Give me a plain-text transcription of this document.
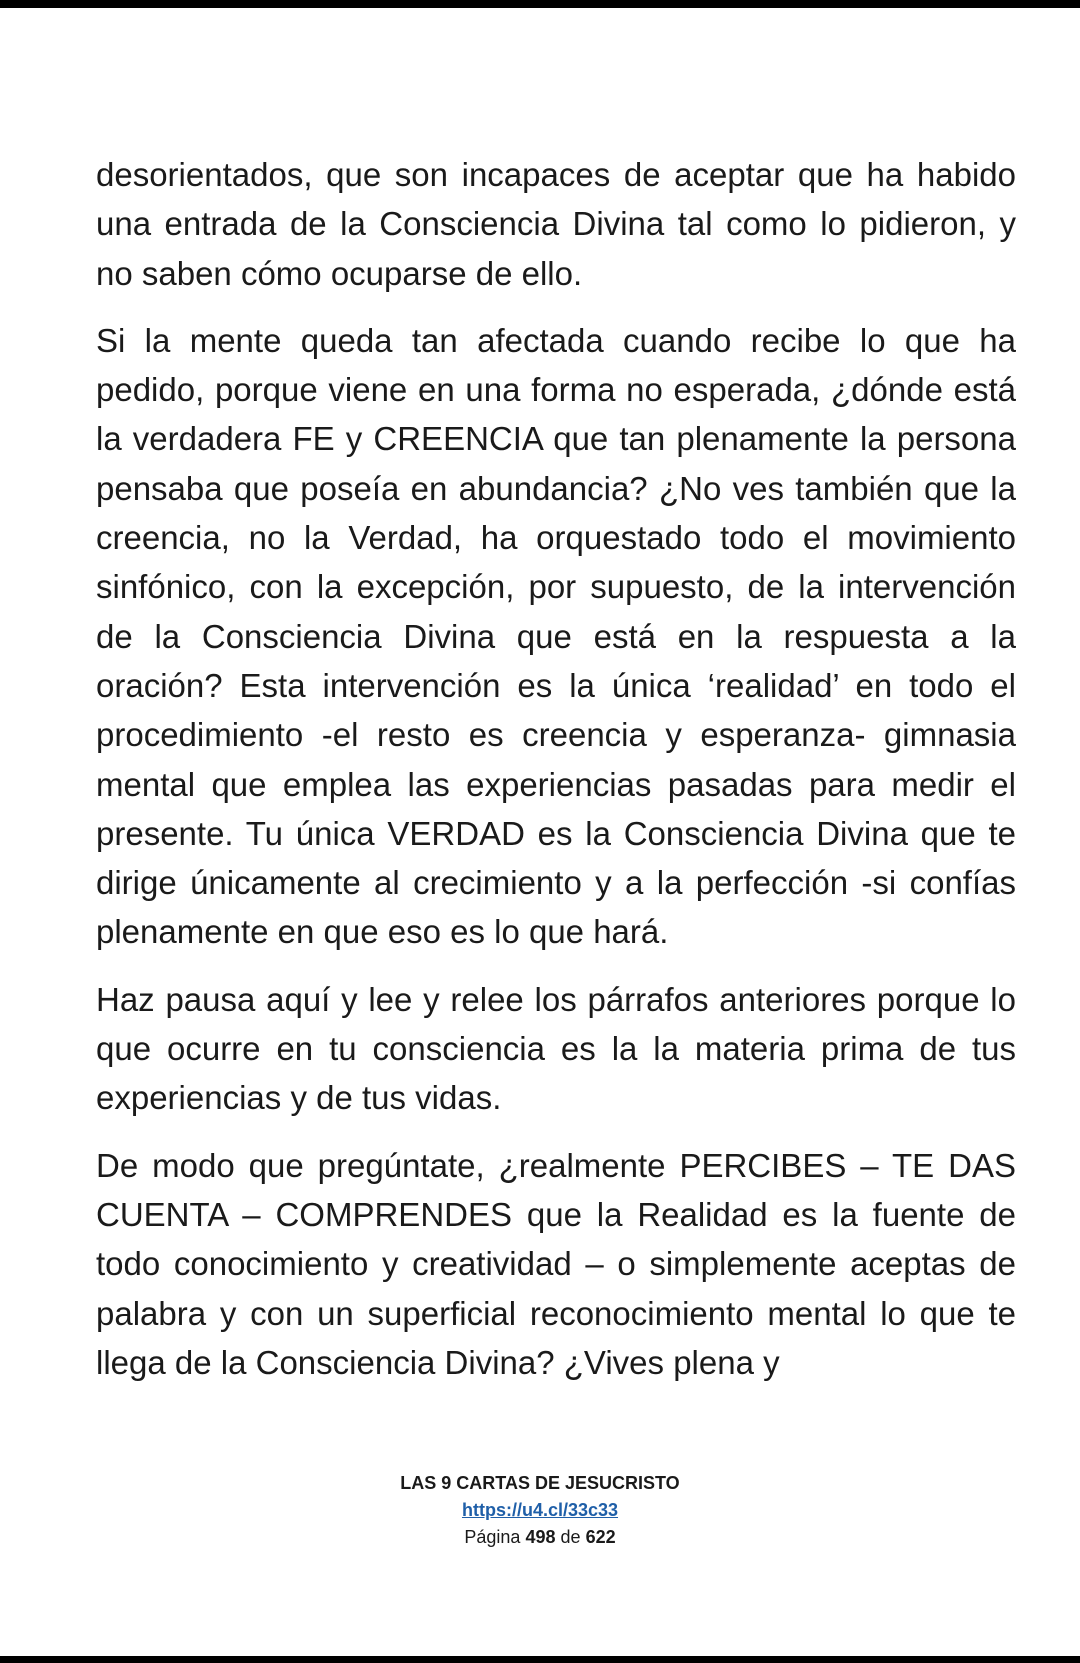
desorientados, que son incapaces de aceptar que ha habido una entrada de la Consciencia Divina tal como lo pidieron, y no saben cómo ocuparse de ello.

Si la mente queda tan afectada cuando recibe lo que ha pedido, porque viene en una forma no esperada, ¿dónde está la verdadera FE y CREENCIA que tan plenamente la persona pensaba que poseía en abundancia? ¿No ves también que la creencia, no la Verdad, ha orquestado todo el movimiento sinfónico, con la excepción, por supuesto, de la intervención de la Consciencia Divina que está en la respuesta a la oración? Esta intervención es la única ‘realidad’ en todo el procedimiento -el resto es creencia y esperanza- gimnasia mental que emplea las experiencias pasadas para medir el presente. Tu única VERDAD es la Consciencia Divina que te dirige únicamente al crecimiento y a la perfección -si confías plenamente en que eso es lo que hará.

Haz pausa aquí y lee y relee los párrafos anteriores porque lo que ocurre en tu consciencia es la la materia prima de tus experiencias y de tus vidas.

De modo que pregúntate, ¿realmente PERCIBES – TE DAS CUENTA – COMPRENDES que la Realidad es la fuente de todo conocimiento y creatividad – o simplemente aceptas de palabra y con un superficial reconocimiento mental lo que te llega de la Consciencia Divina? ¿Vives plena y

LAS 9 CARTAS DE JESUCRISTO
https://u4.cl/33c33
Página 498 de 622
